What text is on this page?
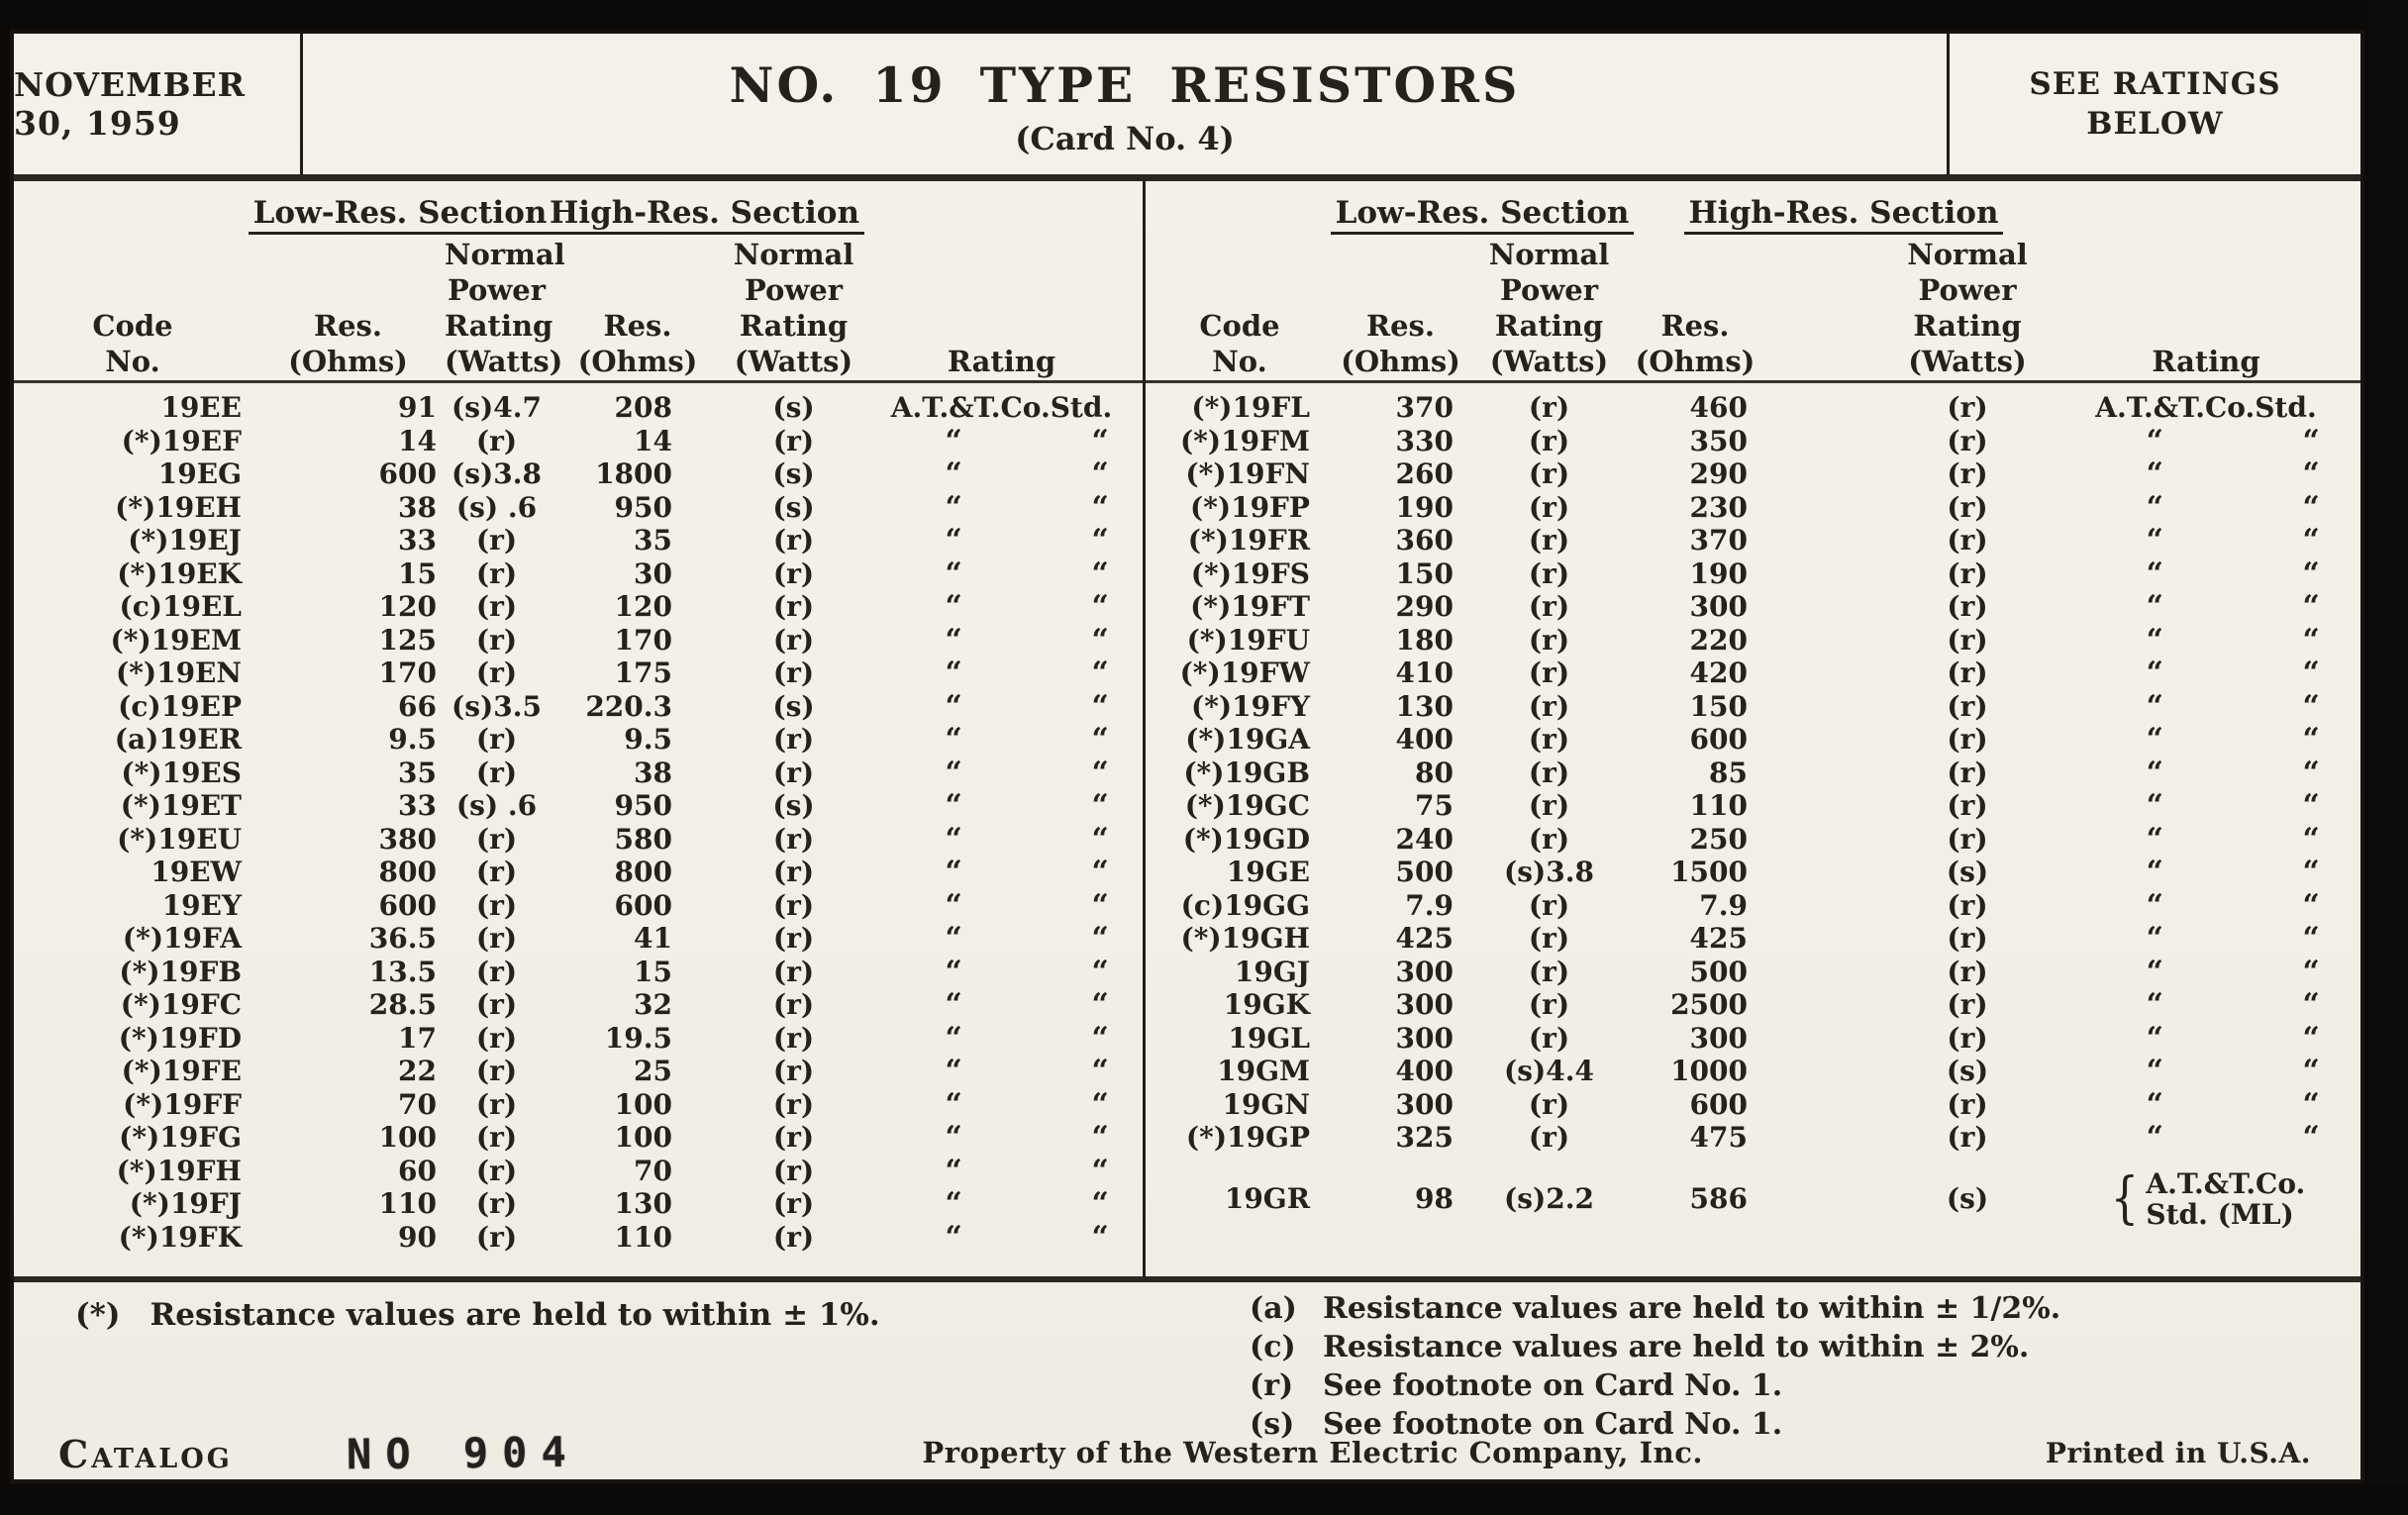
NOVEMBER 30, 1959
NO. 19 TYPE RESISTORS
(Card No. 4)
SEE RATINGS
BELOW
Low-Res. Section High-Res. Section
Code
No.
Res.
(Ohms)
Normal
Power
Rating
(Watts)
Res.
(Ohms)
Normal
Power
Rating
(Watts)	Rating
19EE	91 (s)4.7	208	(s)	A.T.&T.Co.Std.
(*)19EF	14	(r)	14	(r)	“	“
19EG	600 (s)3.8	1800	(s)	“	“
(*)19EH	38 (s) .6	950	(s)	“	“
(*)19EJ	33	(r)	35	(r)	“	“
(*)19EK	15	(r)	30	(r)	“	“
(c)19EL	120	(r)	120	(r)	“	“
(*)19EM	125	(r)	170	(r)	“	“
(*)19EN	170	(r)	175	(r)	“	“
(c)19EP	66 (s)3.5	220.3	(s)	“	“
(a)19ER	9.5	(r)	9.5	(r)	“	“
(*)19ES	35	(r)	38	(r)	“	“
(*)19ET	33 (s) .6	950	(s)	“	“
(*)19EU	380	(r)	580	(r)	“	“
19EW	800	(r)	800	(r)	“	“
19EY	600	(r)	600	(r)	“	“
(*)19FA	36.5	(r)	41	(r)	“	“
(*)19FB	13.5	(r)	15	(r)	“	“
(*)19FC	28.5	(r)	32	(r)	“	“
(*)19FD	17	(r)	19.5	(r)	“	“
(*)19FE	22	(r)	25	(r)	“	“
(*)19FF	70	(r)	100	(r)	“	“
(*)19FG	100	(r)	100	(r)	“	“
(*)19FH	60	(r)	70	(r)	“	“
(*)19FJ	110	(r)	130	(r)	“	“
(*)19FK	90	(r)	110	(r)	“	“
Low-Res. Section High-Res. Section
Code
No.
Res.
(Ohms)
Normal
Power
Rating
(Watts)
Res.
(Ohms)
Normal
Power
Rating
(Watts)	Rating
(*)19FL	370	(r)	460	(r)	A.T.&T.Co.Std.
(*)19FM	330	(r)	350	(r)	“	“
(*)19FN	260	(r)	290	(r)	“	“
(*)19FP	190	(r)	230	(r)	“	“
(*)19FR	360	(r)	370	(r)	“	“
(*)19FS	150	(r)	190	(r)	“	“
(*)19FT	290	(r)	300	(r)	“	“
(*)19FU	180	(r)	220	(r)	“	“
(*)19FW	410	(r)	420	(r)	“	“
(*)19FY	130	(r)	150	(r)	“	“
(*)19GA	400	(r)	600	(r)	“	“
(*)19GB	80	(r)	85	(r)	“	“
(*)19GC	75	(r)	110	(r)	“	“
(*)19GD	240	(r)	250	(r)	“	“
19GE	500	(s)3.8	1500	(s)	“	“
(c)19GG	7.9	(r)	7.9	(r)	“	“
(*)19GH	425	(r)	425	(r)	“	“
19GJ	300	(r)	500	(r)	“	“
19GK	300	(r)	2500	(r)	“	“
19GL	300	(r)	300	(r)	“	“
19GM	400	(s)4.4	1000	(s)	“	“
19GN	300	(r)	600	(r)	“	“
(*)19GP	325	(r)	475	(r)	“	“
19GR	98	(s)2.2	586	(s)	{ A.T.&T.Co.
Std. (ML)
(*) Resistance values are held to within ± 1%.	(a) Resistance values are held to within ± 1/2%.
(c) Resistance values are held to within ± 2%.
(r) See footnote on Card No. 1.
(s) See footnote on Card No. 1.
Catalog	NO 904	Property of the Western Electric Company, Inc.	Printed in U.S.A.
